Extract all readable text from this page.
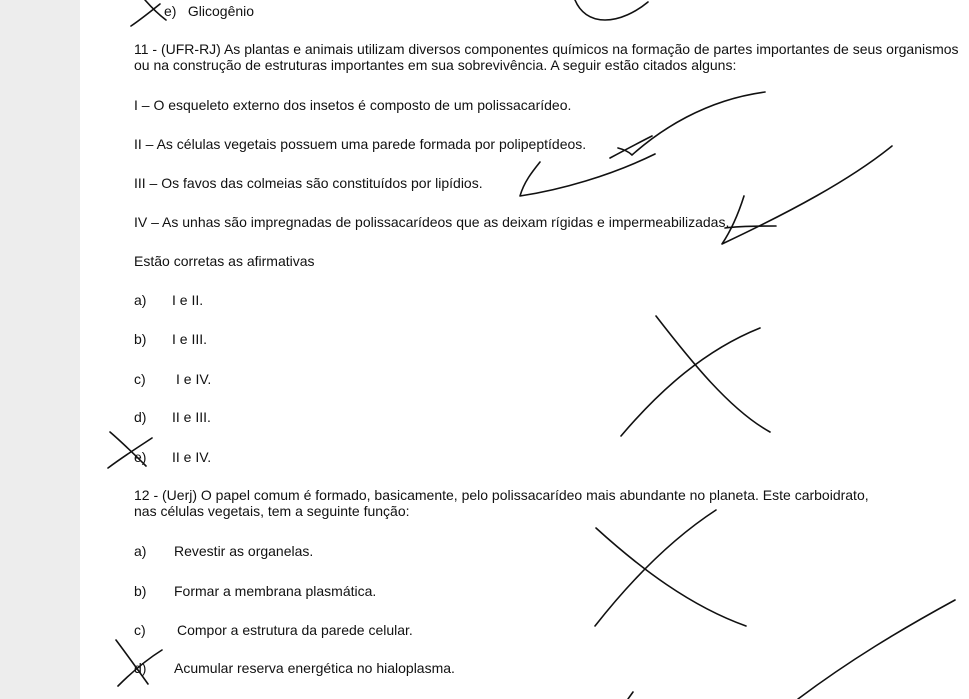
e) Glicogênio
11 - (UFR-RJ) As plantas e animais utilizam diversos componentes químicos na formação de partes importantes de seus organismos ou na construção de estruturas importantes em sua sobrevivência. A seguir estão citados alguns:
I – O esqueleto externo dos insetos é composto de um polissacarídeo.
II – As células vegetais possuem uma parede formada por polipeptídeos.
III – Os favos das colmeias são constituídos por lipídios.
IV – As unhas são impregnadas de polissacarídeos que as deixam rígidas e impermeabilizadas.
Estão corretas as afirmativas
a) I e II.
b) I e III.
c) I e IV.
d) II e III.
e) II e IV.
12 - (Uerj) O papel comum é formado, basicamente, pelo polissacarídeo mais abundante no planeta. Este carboidrato, nas células vegetais, tem a seguinte função:
a) Revestir as organelas.
b) Formar a membrana plasmática.
c) Compor a estrutura da parede celular.
d) Acumular reserva energética no hialoplasma.
